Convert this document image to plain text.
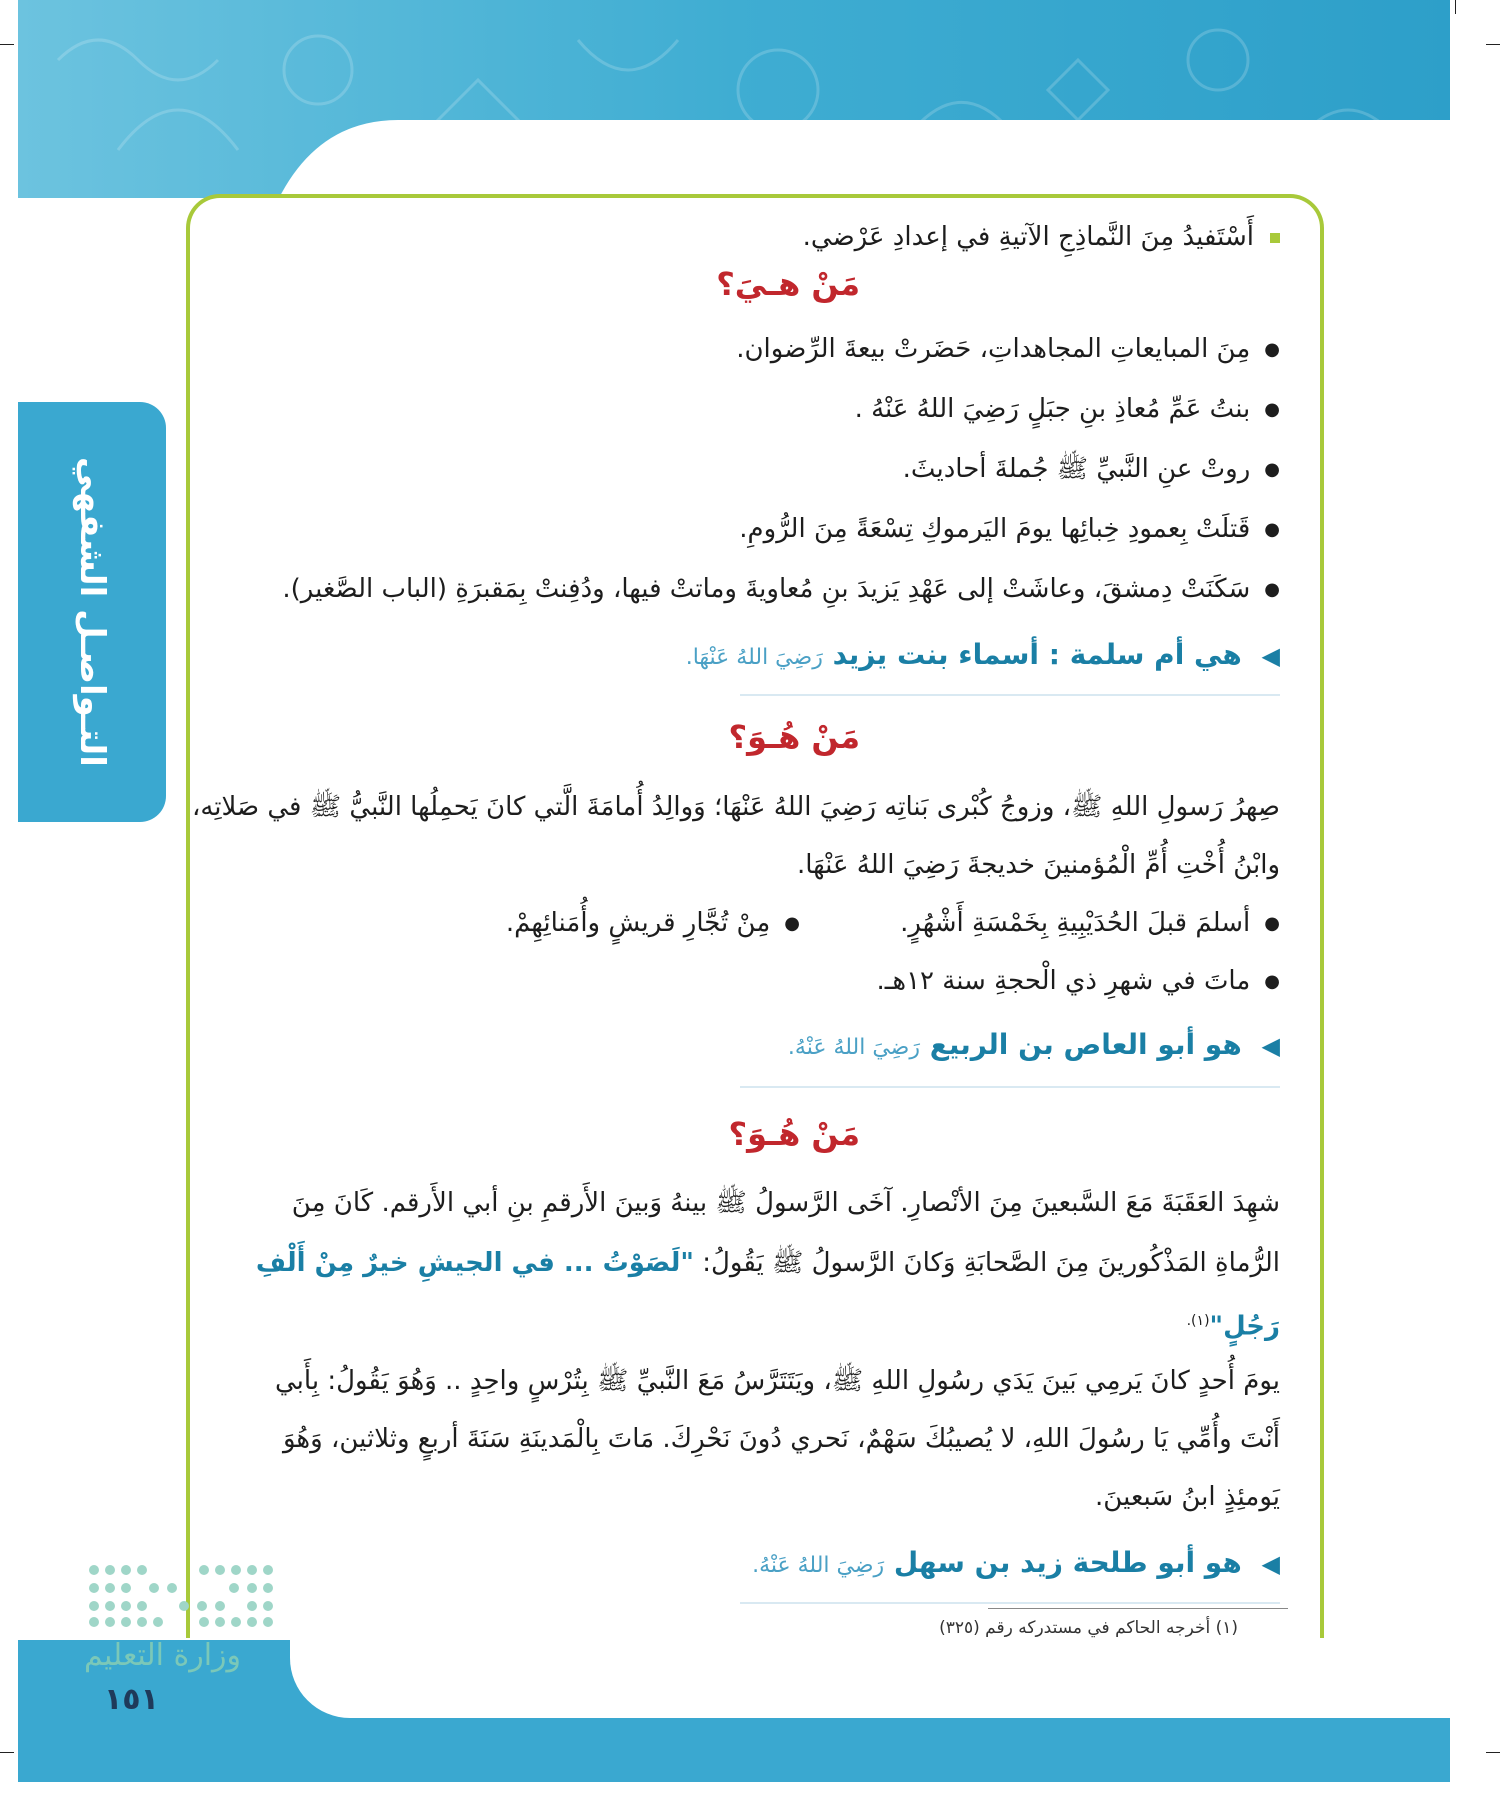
التـواصـل الشفهي
أَسْتَفيدُ مِنَ النَّماذِجِ الآتيةِ في إعدادِ عَرْضي.
مَنْ هـيَ؟
● مِنَ المبايعاتِ المجاهداتِ، حَضَرتْ بيعةَ الرِّضوان.
● بنتُ عَمِّ مُعاذِ بنِ جبَلٍ رَضِيَ اللهُ عَنْهُ .
● روتْ عنِ النَّبيِّ ﷺ جُملةَ أحاديثَ.
● قَتلَتْ بِعمودِ خِبائِها يومَ اليَرموكِ تِسْعَةً مِنَ الرُّومِ.
● سَكَنَتْ دِمشقَ، وعاشَتْ إلى عَهْدِ يَزيدَ بنِ مُعاويةَ وماتتْ فيها، ودُفِنتْ بِمَقبرَةِ (الباب الصَّغير).
◀ هي أم سلمة : أسماء بنت يزيد رَضِيَ اللهُ عَنْهَا.
مَنْ هُـوَ؟
صِهرُ رَسولِ اللهِ ﷺ، وزوجُ كُبْرى بَناتِه رَضِيَ اللهُ عَنْهَا؛ وَوالِدُ أُمامَةَ الَّتي كانَ يَحمِلُها النَّبيُّ ﷺ في صَلاتِه،
وابْنُ أُخْتِ أُمِّ الْمُؤمنينَ خديجةَ رَضِيَ اللهُ عَنْهَا.
● أسلمَ قبلَ الحُدَيْبِيةِ بِخَمْسَةِ أَشْهُرٍ.
● مِنْ تُجَّارِ قريشٍ وأُمَنائِهِمْ.
● ماتَ في شهرِ ذي الْحجةِ سنة ١٢هـ.
◀ هو أبو العاص بن الربيع رَضِيَ اللهُ عَنْهُ.
مَنْ هُـوَ؟
شهِدَ العَقَبَةَ مَعَ السَّبعينَ مِنَ الأنْصارِ. آخَى الرَّسولُ ﷺ بينهُ وَبينَ الأَرقمِ بنِ أبي الأَرقم. كَانَ مِنَ
الرُّماةِ المَذْكُورينَ مِنَ الصَّحابَةِ وَكانَ الرَّسولُ ﷺ يَقُولُ: "لَصَوْتُ ... في الجيشِ خيرٌ مِنْ أَلْفِ
رَجُلٍ"$^{(١).}$
يومَ أُحدٍ كانَ يَرمِي بَينَ يَدَي رسُولِ اللهِ ﷺ، ويَتَتَرَّسُ مَعَ النَّبيِّ ﷺ بِتُرْسٍ واحِدٍ .. وَهُوَ يَقُولُ: بِأَبي
أَنْتَ وأُمِّي يَا رسُولَ اللهِ، لا يُصيبُكَ سَهْمٌ، نَحري دُونَ نَحْرِكَ. مَاتَ بِالْمَدينَةِ سَنَةَ أربعٍ وثلاثين، وَهُوَ
يَومئِذٍ ابنُ سَبعينَ.
◀ هو أبو طلحة زيد بن سهل رَضِيَ اللهُ عَنْهُ.
(١) أخرجه الحاكم في مستدركه رقم (٣٢٥)
وزارة التعليم
١٥١
